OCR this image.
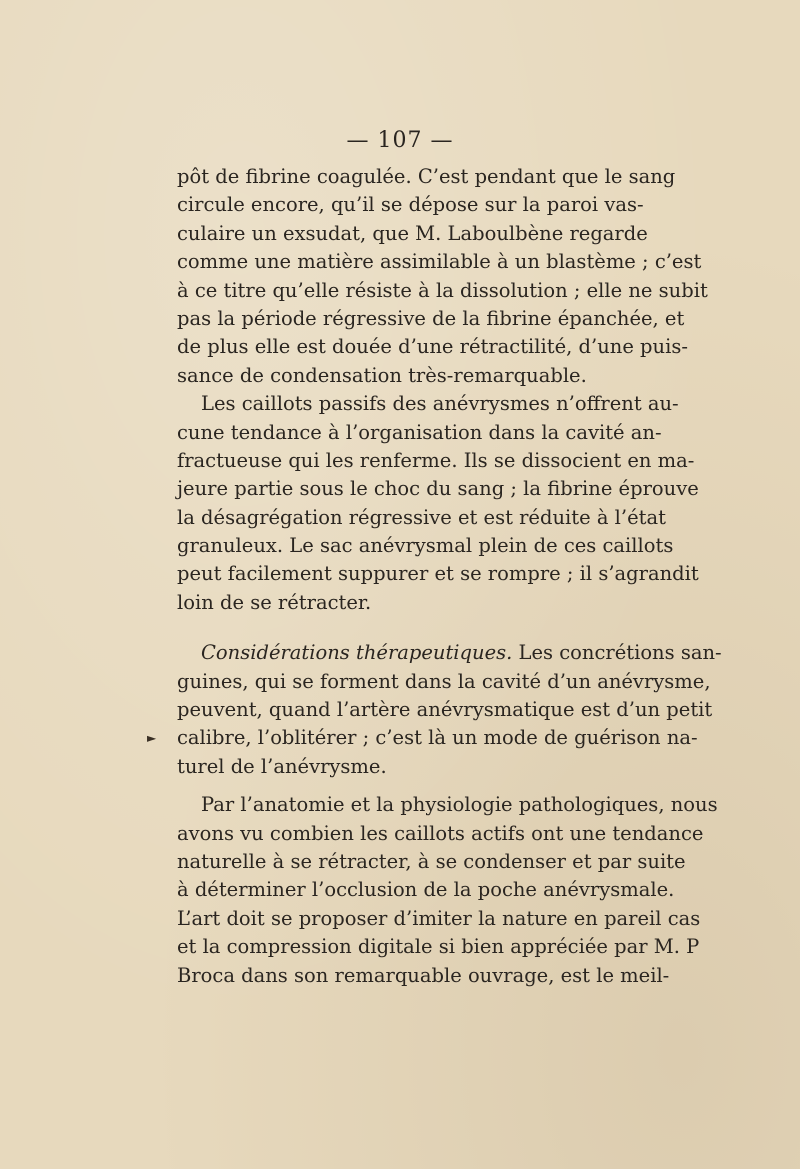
— 107 —
►
pôt de fibrine coagulée. C’est pendant que le sang
circule encore, qu’il se dépose sur la paroi vas-
culaire un exsudat, que M. Laboulbène regarde
comme une matière assimilable à un blastème ; c’est
à ce titre qu’elle résiste à la dissolution ; elle ne subit
pas la période régressive de la fibrine épanchée, et
de plus elle est douée d’une rétractilité, d’une puis-
sance de condensation très-remarquable.
Les caillots passifs des anévrysmes n’offrent au-
cune tendance à l’organisation dans la cavité an-
fractueuse qui les renferme. Ils se dissocient en ma-
jeure partie sous le choc du sang ; la fibrine éprouve
la désagrégation régressive et est réduite à l’état
granuleux. Le sac anévrysmal plein de ces caillots
peut facilement suppurer et se rompre ; il s’agrandit
loin de se rétracter.
Considérations thérapeutiques. Les concrétions san-
guines, qui se forment dans la cavité d’un anévrysme,
peuvent, quand l’artère anévrysmatique est d’un petit
calibre, l’oblitérer ; c’est là un mode de guérison na-
turel de l’anévrysme.
Par l’anatomie et la physiologie pathologiques, nous
avons vu combien les caillots actifs ont une tendance
naturelle à se rétracter, à se condenser et par suite
à déterminer l’occlusion de la poche anévrysmale.
L’art doit se proposer d’imiter la nature en pareil cas
et la compression digitale si bien appréciée par M. P
Broca dans son remarquable ouvrage, est le meil-
